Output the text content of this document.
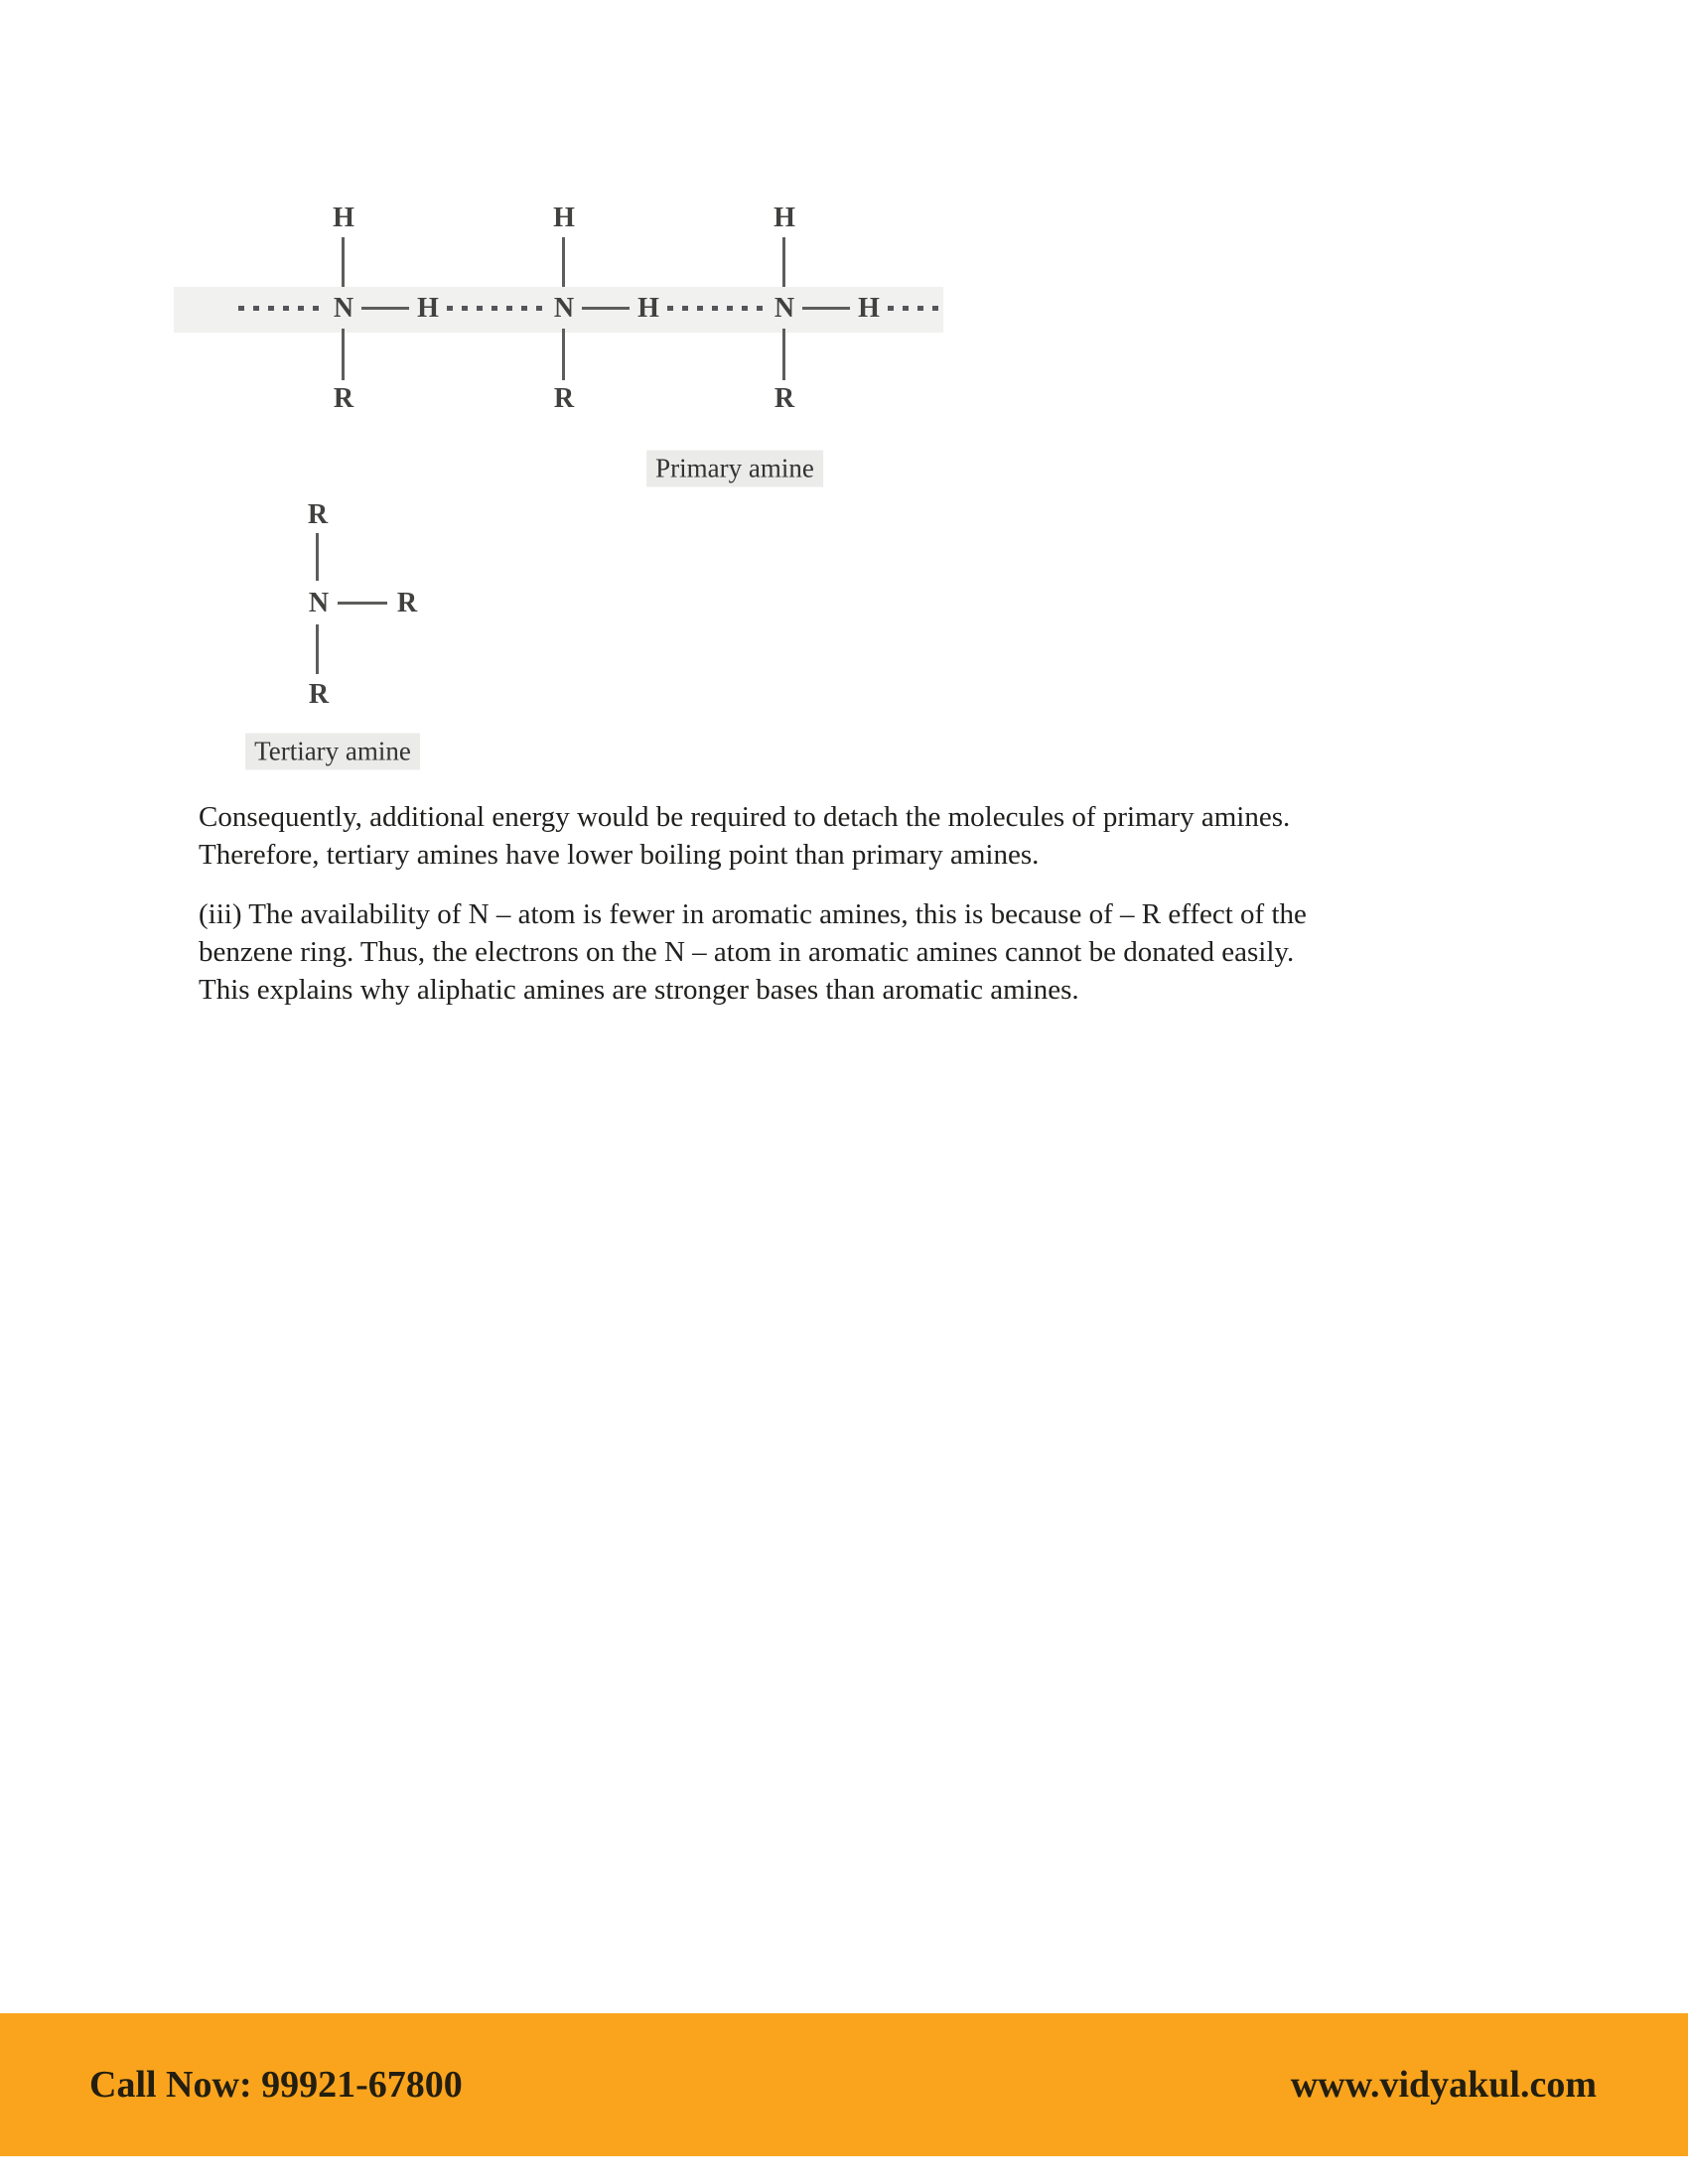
H
N H
R
H
N H
R
H
N H
R
Primary amine
R
N R
R
Tertiary amine
Consequently, additional energy would be required to detach the molecules of primary amines.
Therefore, tertiary amines have lower boiling point than primary amines.
(iii) The availability of N – atom is fewer in aromatic amines, this is because of – R effect of the
benzene ring. Thus, the electrons on the N – atom in aromatic amines cannot be donated easily.
This explains why aliphatic amines are stronger bases than aromatic amines.
Call Now: 99921-67800	www.vidyakul.com
